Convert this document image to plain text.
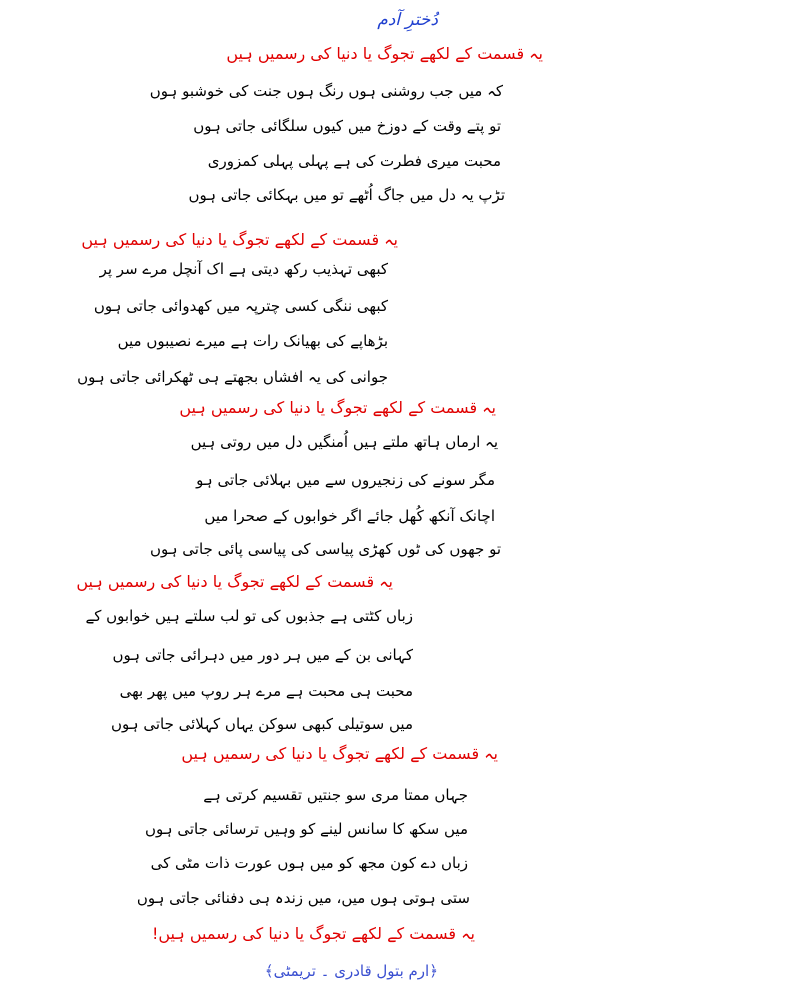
دُخترِ آدم
یہ قسمت کے لکھے تجوگ یا دنیا کی رسمیں ہیں
کہ میں جب روشنی ہوں رنگ ہوں جنت کی خوشبو ہوں
تو پتے وقت کے دوزخ میں کیوں سلگائی جاتی ہوں
محبت میری فطرت کی ہے پہلی پہلی کمزوری
تڑپ یہ دل میں جاگ اُٹھے تو میں بہکائی جاتی ہوں
یہ قسمت کے لکھے تجوگ یا دنیا کی رسمیں ہیں
کبھی تہذیب رکھ دیتی ہے اک آنچل مرے سر پر
کبھی ننگی کسی چترپہ میں کھدوائی جاتی ہوں
بڑھاپے کی بھیانک رات ہے میرے نصیبوں میں
جوانی کی یہ افشاں بجھتے ہی ٹھکرائی جاتی ہوں
یہ قسمت کے لکھے تجوگ یا دنیا کی رسمیں ہیں
یہ ارماں ہاتھ ملتے ہیں اُمنگیں دل میں روتی ہیں
مگر سونے کی زنجیروں سے میں بہلائی جاتی ہو
اچانک آنکھ کُھل جائے اگر خوابوں کے صحرا میں
تو جھوں کی ٹوں کھڑی پیاسی کی پیاسی پائی جاتی ہوں
یہ قسمت کے لکھے تجوگ یا دنیا کی رسمیں ہیں
زباں کٹتی ہے جذبوں کی تو لب سلتے ہیں خوابوں کے
کہانی بن کے میں ہر دور میں دہرائی جاتی ہوں
محبت ہی محبت ہے مرے ہر روپ میں پھر بھی
میں سوتیلی کبھی سوکن یہاں کہلائی جاتی ہوں
یہ قسمت کے لکھے تجوگ یا دنیا کی رسمیں ہیں
جہاں ممتا مری سو جنتیں تقسیم کرتی ہے
میں سکھ کا سانس لینے کو وہیں ترسائی جاتی ہوں
زباں دے کون مجھ کو میں ہوں عورت ذات مٹی کی
ستی ہوتی ہوں میں، میں زندہ ہی دفنائی جاتی ہوں
یہ قسمت کے لکھے تجوگ یا دنیا کی رسمیں ہیں!
﴿ارم بتول قادری ۔ تریمٹی﴾
